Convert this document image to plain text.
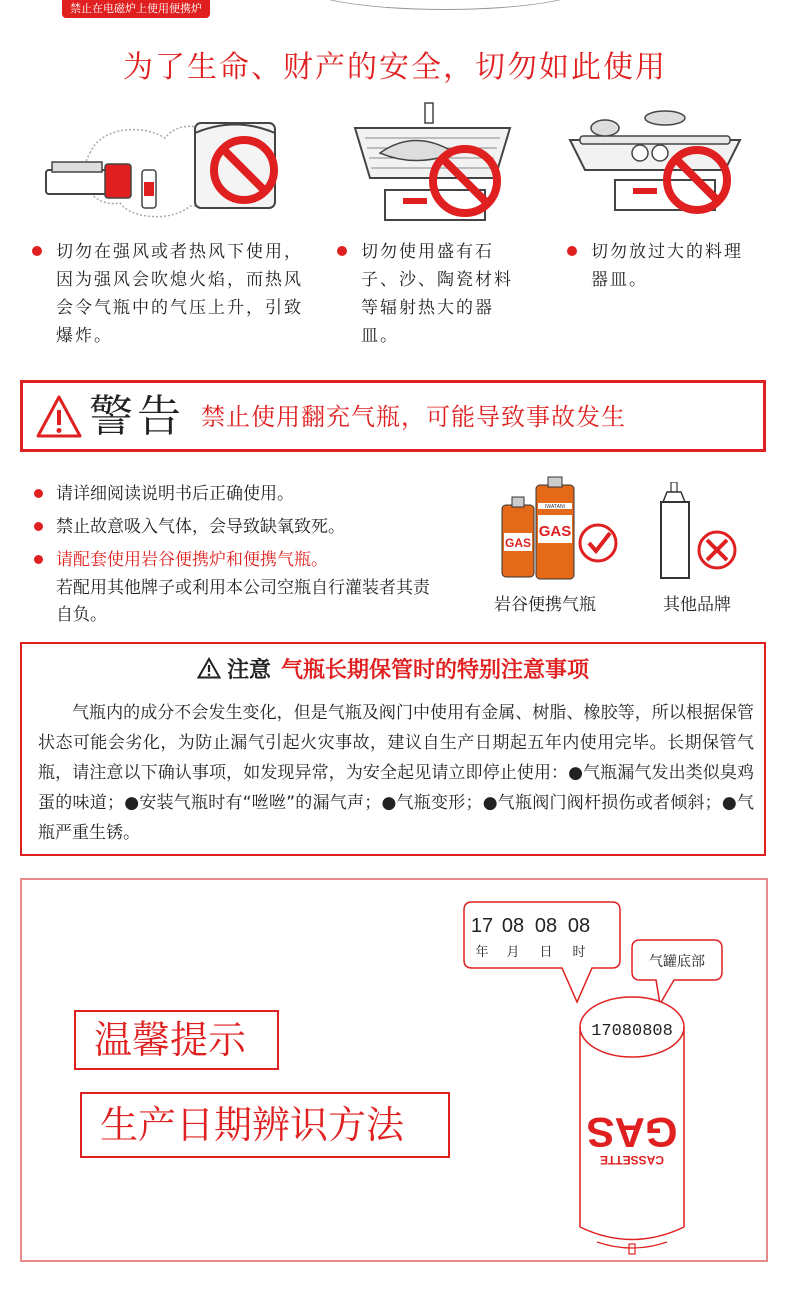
禁止在电磁炉上使用便携炉
为了生命、财产的安全，切勿如此使用
切勿在强风或者热风下使用，因为强风会吹熄火焰，而热风会令气瓶中的气压上升，引致爆炸。
切勿使用盛有石子、沙、陶瓷材料等辐射热大的器皿。
切勿放过大的料理器皿。
警告 禁止使用翻充气瓶，可能导致事故发生
请详细阅读说明书后正确使用。
禁止故意吸入气体，会导致缺氧致死。
请配套使用岩谷便携炉和便携气瓶。
若配用其他牌子或利用本公司空瓶自行灌装者其责自负。
GAS
IWATANI
GAS
岩谷便携气瓶	其他品牌
注意 气瓶长期保管时的特别注意事项
气瓶内的成分不会发生变化，但是气瓶及阀门中使用有金属、树脂、橡胶等，所以根据保管状态可能会劣化，为防止漏气引起火灾事故，建议自生产日期起五年内使用完毕。长期保管气瓶，请注意以下确认事项，如发现异常，为安全起见请立即停止使用：●气瓶漏气发出类似臭鸡蛋的味道；●安装气瓶时有“咝咝”的漏气声；●气瓶变形；●气瓶阀门阀杆损伤或者倾斜；●气瓶严重生锈。
温馨提示
生产日期辨识方法
气罐底部
17 08 08 08
年 月 日 时
17080808
CASSETTE
GAS
